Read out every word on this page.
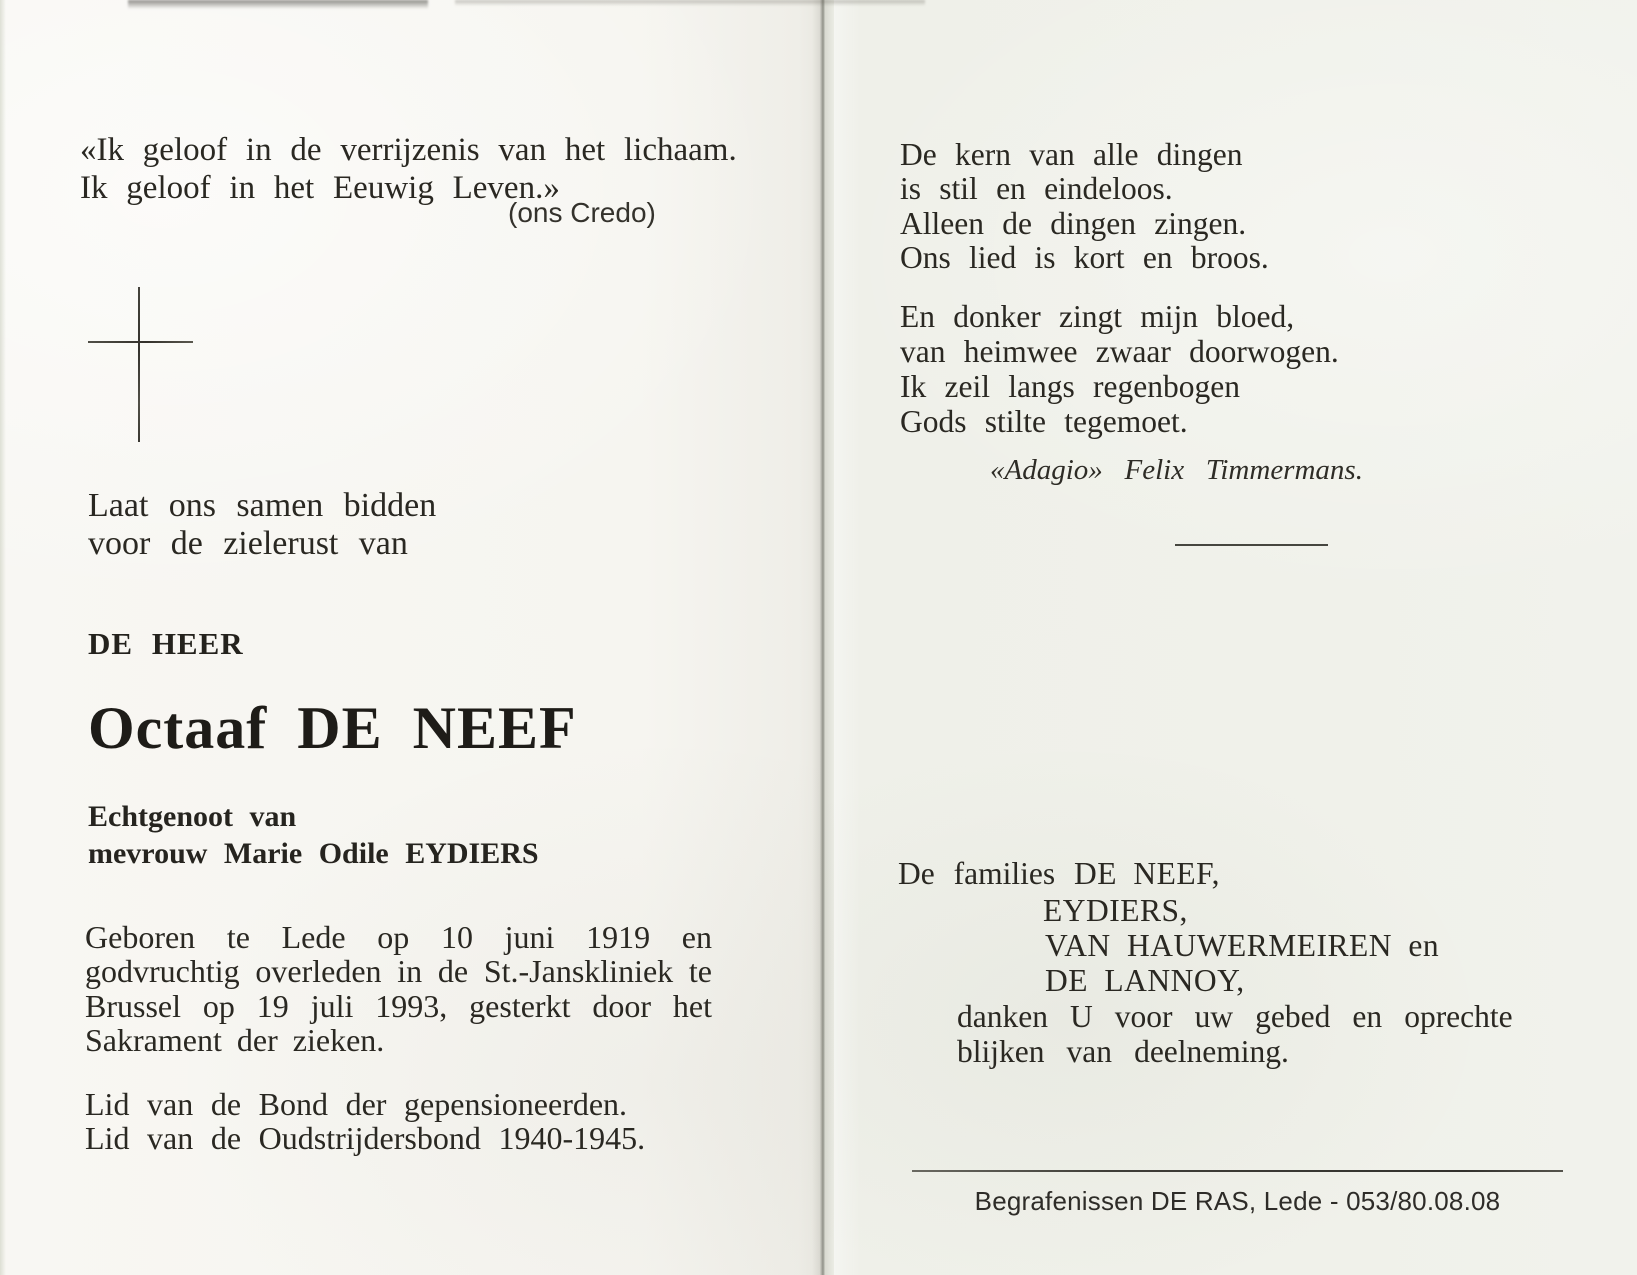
«Ik geloof in de verrijzenis van het lichaam.
Ik geloof in het Eeuwig Leven.»
(ons Credo)
Laat ons samen bidden
voor de zielerust van
DE HEER
Octaaf DE NEEF
Echtgenoot van
mevrouw Marie Odile EYDIERS
Geboren te Lede op 10 juni 1919 en
godvruchtig overleden in de St.-Janskliniek te
Brussel op 19 juli 1993, gesterkt door het
Sakrament der zieken.
Lid van de Bond der gepensioneerden.
Lid van de Oudstrijdersbond 1940-1945.
De kern van alle dingen
is stil en eindeloos.
Alleen de dingen zingen.
Ons lied is kort en broos.
En donker zingt mijn bloed,
van heimwee zwaar doorwogen.
Ik zeil langs regenbogen
Gods stilte tegemoet.
«Adagio» Felix Timmermans.
De families DE NEEF,
EYDIERS,
VAN HAUWERMEIREN en
DE LANNOY,
danken U voor uw gebed en oprechte
blijken van deelneming.
Begrafenissen DE RAS, Lede - 053/80.08.08
